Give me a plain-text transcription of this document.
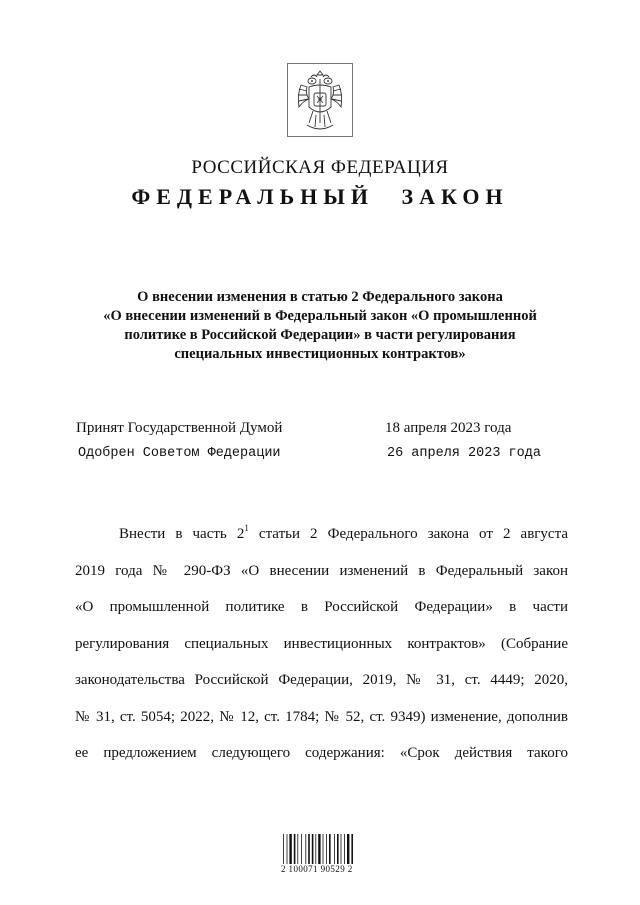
РОССИЙСКАЯ ФЕДЕРАЦИЯ
ФЕДЕРАЛЬНЫЙ ЗАКОН
О внесении изменения в статью 2 Федерального закона
«О внесении изменений в Федеральный закон «О промышленной
политике в Российской Федерации» в части регулирования
специальных инвестиционных контрактов»
Принят Государственной Думой	18 апреля 2023 года
Одобрен Советом Федерации	26 апреля 2023 года
Внести в часть $2^1$ статьи 2 Федерального закона от 2 августа
2019 года № 290-ФЗ «О внесении изменений в Федеральный закон
«О промышленной политике в Российской Федерации» в части
регулирования специальных инвестиционных контрактов» (Собрание
законодательства Российской Федерации, 2019, № 31, ст. 4449; 2020,
№ 31, ст. 5054; 2022, № 12, ст. 1784; № 52, ст. 9349) изменение, дополнив
ее предложением следующего содержания: «Срок действия такого
2 100071 90529 2
